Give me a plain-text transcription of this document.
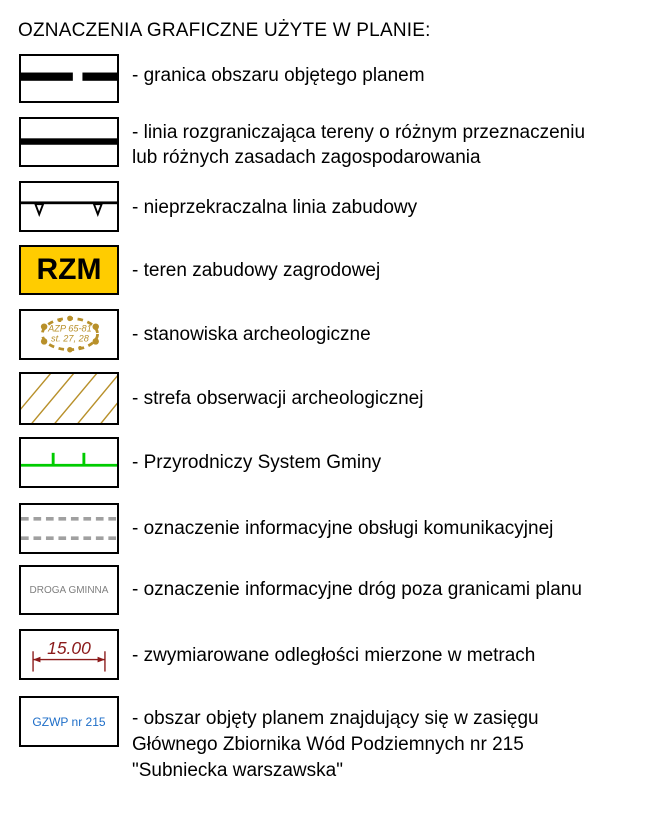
OZNACZENIA GRAFICZNE UŻYTE W PLANIE:
- granica obszaru objętego planem
- linia rozgraniczająca tereny o różnym przeznaczeniu
lub różnych zasadach zagospodarowania
- nieprzekraczalna linia zabudowy
RZM	- teren zabudowy zagrodowej
AZP 65-81
st. 27, 28 - stanowiska archeologiczne
- strefa obserwacji archeologicznej
- Przyrodniczy System Gminy
- oznaczenie informacyjne obsługi komunikacyjnej
DROGA GMINNA	- oznaczenie informacyjne dróg poza granicami planu
15.00 - zwymiarowane odległości mierzone w metrach
GZWP nr 215	- obszar objęty planem znajdujący się w zasięgu
Głównego Zbiornika Wód Podziemnych nr 215
"Subniecka warszawska"
